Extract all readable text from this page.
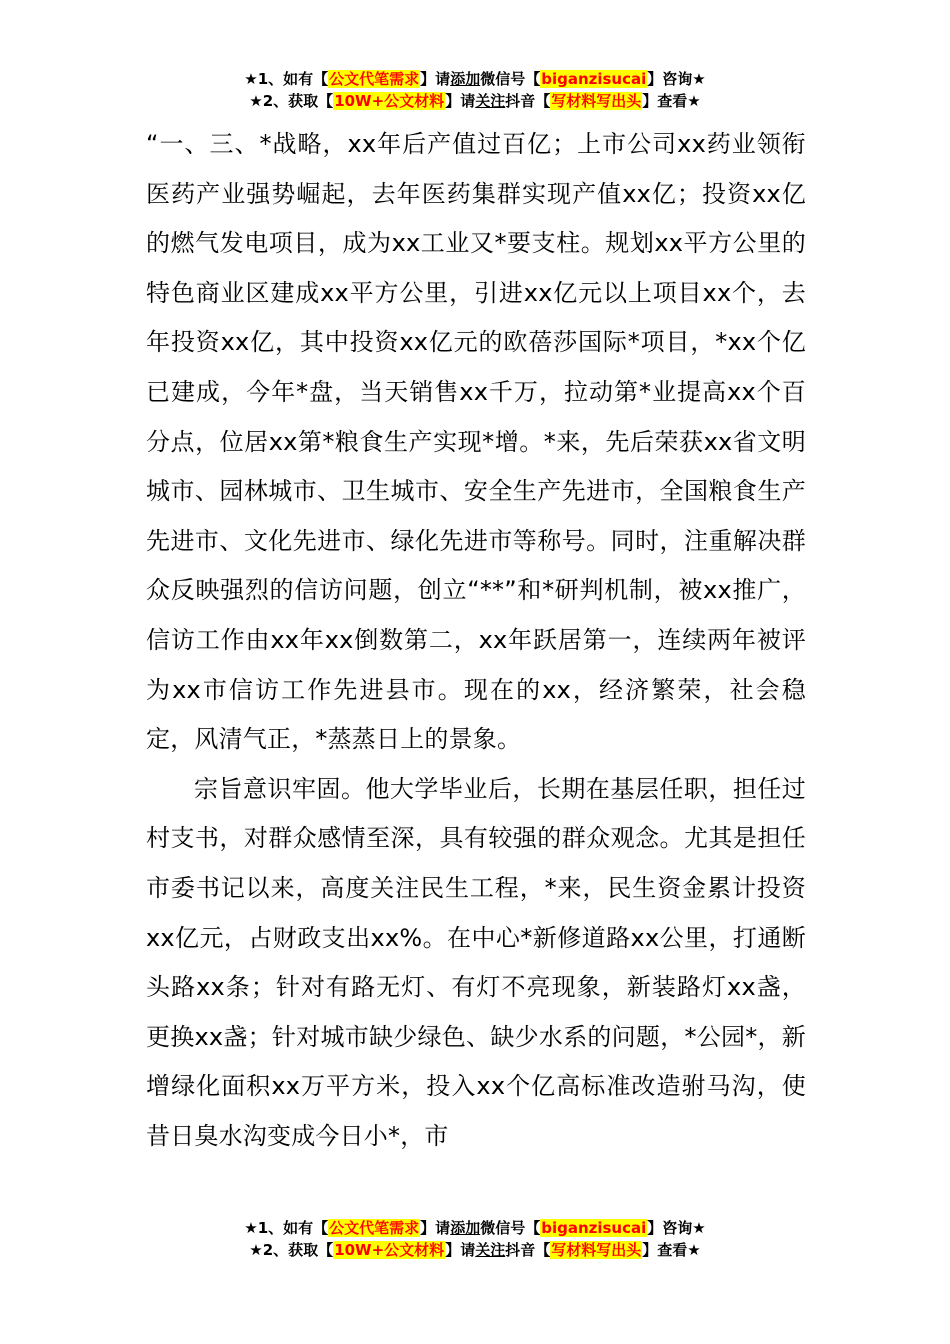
★1、如有【公文代笔需求】请添加微信号【biganzisucai】咨询★
★2、获取【10W+公文材料】请关注抖音【写材料写出头】查看★

“一、三、*战略，xx年后产值过百亿；上市公司xx药业领衔医药产业强势崛起，去年医药集群实现产值xx亿；投资xx亿的燃气发电项目，成为xx工业又*要支柱。规划xx平方公里的特色商业区建成xx平方公里，引进xx亿元以上项目xx个，去年投资xx亿，其中投资xx亿元的欧蓓莎国际*项目，*xx个亿已建成，今年*盘，当天销售xx千万，拉动第*业提高xx个百分点，位居xx第*粮食生产实现*增。*来，先后荣获xx省文明城市、园林城市、卫生城市、安全生产先进市，全国粮食生产先进市、文化先进市、绿化先进市等称号。同时，注重解决群众反映强烈的信访问题，创立“**”和*研判机制，被xx推广，信访工作由xx年xx倒数第二，xx年跃居第一，连续两年被评为xx市信访工作先进县市。现在的xx，经济繁荣，社会稳定，风清气正，*蒸蒸日上的景象。

宗旨意识牢固。他大学毕业后，长期在基层任职，担任过村支书，对群众感情至深，具有较强的群众观念。尤其是担任市委书记以来，高度关注民生工程，*来，民生资金累计投资xx亿元，占财政支出xx%。在中心*新修道路xx公里，打通断头路xx条；针对有路无灯、有灯不亮现象，新装路灯xx盏，更换xx盏；针对城市缺少绿色、缺少水系的问题，*公园*，新增绿化面积xx万平方米，投入xx个亿高标准改造驸马沟，使昔日臭水沟变成今日小*，市

★1、如有【公文代笔需求】请添加微信号【biganzisucai】咨询★
★2、获取【10W+公文材料】请关注抖音【写材料写出头】查看★
